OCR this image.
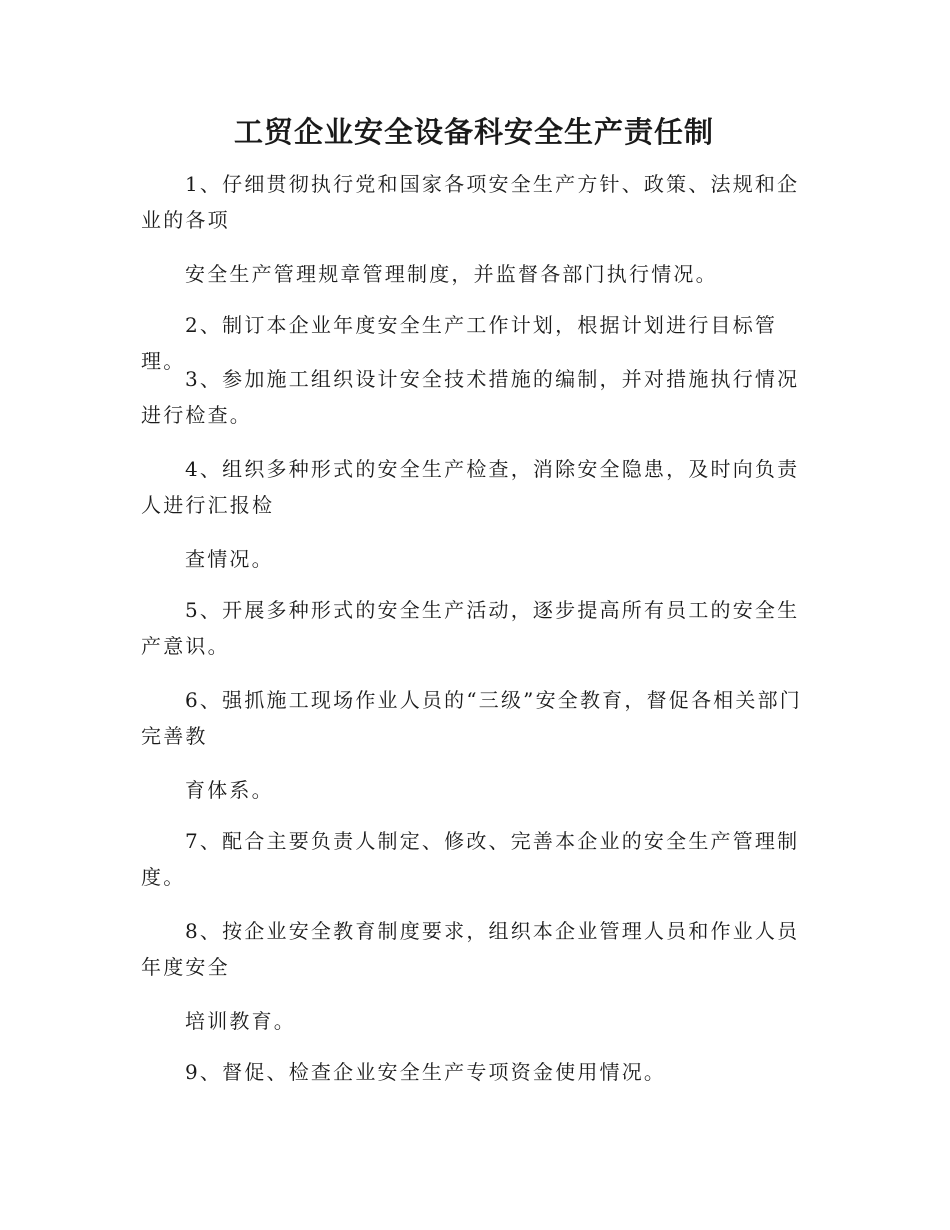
工贸企业安全设备科安全生产责任制

1、仔细贯彻执行党和国家各项安全生产方针、政策、法规和企业的各项

安全生产管理规章管理制度，并监督各部门执行情况。

2、制订本企业年度安全生产工作计划，根据计划进行目标管理。

3、参加施工组织设计安全技术措施的编制，并对措施执行情况进行检查。

4、组织多种形式的安全生产检查，消除安全隐患，及时向负责人进行汇报检

查情况。

5、开展多种形式的安全生产活动，逐步提高所有员工的安全生产意识。

6、强抓施工现场作业人员的“三级”安全教育，督促各相关部门完善教

育体系。

7、配合主要负责人制定、修改、完善本企业的安全生产管理制度。

8、按企业安全教育制度要求，组织本企业管理人员和作业人员年度安全

培训教育。

9、督促、检查企业安全生产专项资金使用情况。
